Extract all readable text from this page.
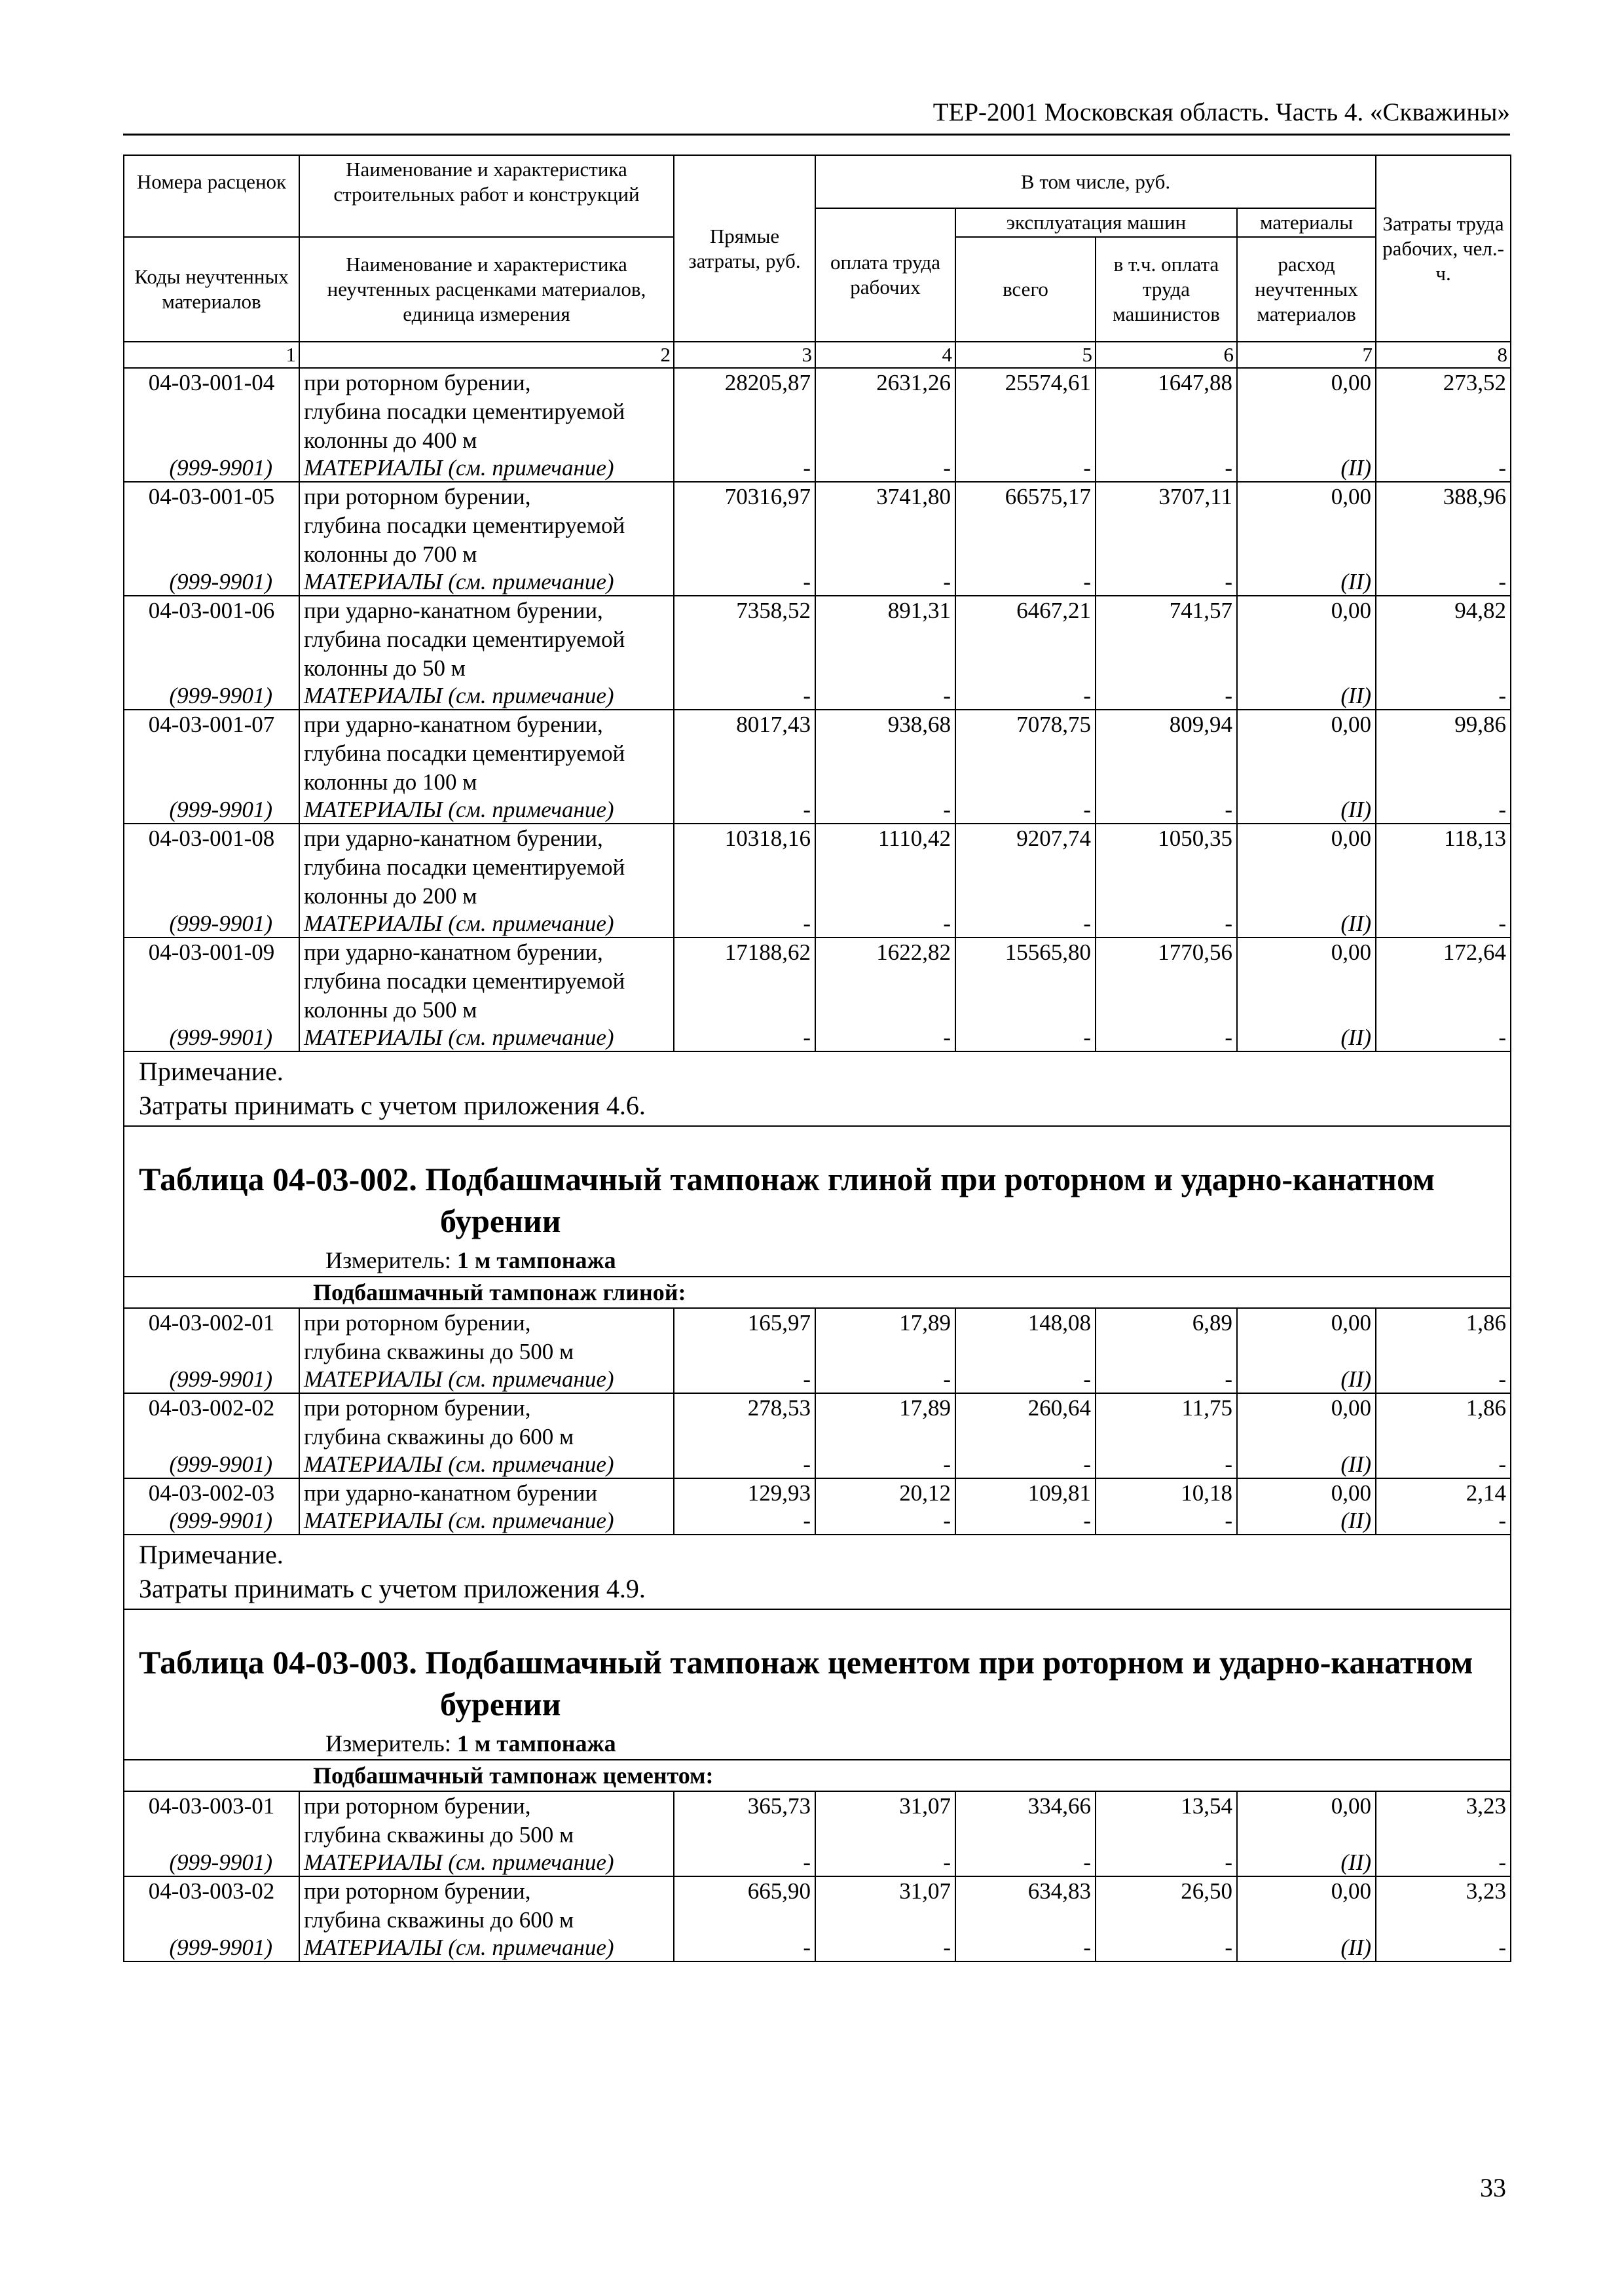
ТЕР-2001 Московская область. Часть 4. «Скважины»
Номера расценок	Наименование и характеристика строительных работ и конструкций	Прямые затраты, руб.	В том числе, руб.				Затраты труда рабочих, чел.-ч.
			оплата труда рабочих	эксплуатация машин		материалы	
Коды неучтенных материалов	Наименование и характеристика неучтенных расценками материалов, единица измерения			всего	в т.ч. оплата труда машинистов	расход неучтенных материалов	

1	2	3	4	5	6	7	8
04-03-001-04	при роторном бурении,	28205,87	2631,26	25574,61	1647,88	0,00	273,52
	глубина посадки цементируемой						
	колонны до 400 м						
(999-9901)	МАТЕРИАЛЫ (см. примечание)	-	-	-	-	(II)	-
04-03-001-05	при роторном бурении,	70316,97	3741,80	66575,17	3707,11	0,00	388,96
	глубина посадки цементируемой						
	колонны до 700 м						
(999-9901)	МАТЕРИАЛЫ (см. примечание)	-	-	-	-	(II)	-
04-03-001-06	при ударно-канатном бурении,	7358,52	891,31	6467,21	741,57	0,00	94,82
	глубина посадки цементируемой						
	колонны до 50 м						
(999-9901)	МАТЕРИАЛЫ (см. примечание)	-	-	-	-	(II)	-
04-03-001-07	при ударно-канатном бурении,	8017,43	938,68	7078,75	809,94	0,00	99,86
	глубина посадки цементируемой						
	колонны до 100 м						
(999-9901)	МАТЕРИАЛЫ (см. примечание)	-	-	-	-	(II)	-
04-03-001-08	при ударно-канатном бурении,	10318,16	1110,42	9207,74	1050,35	0,00	118,13
	глубина посадки цементируемой						
	колонны до 200 м						
(999-9901)	МАТЕРИАЛЫ (см. примечание)	-	-	-	-	(II)	-
04-03-001-09	при ударно-канатном бурении,	17188,62	1622,82	15565,80	1770,56	0,00	172,64
	глубина посадки цементируемой						
	колонны до 500 м						
(999-9901)	МАТЕРИАЛЫ (см. примечание)	-	-	-	-	(II)	-

Примечание.
Затраты принимать с учетом приложения 4.6.							

Таблица 04-03-002. Подбашмачный тампонаж глиной при роторном и ударно-канатном
бурении
Измеритель: 1 м тампонажа							

Подбашмачный тампонаж глиной:							
04-03-002-01	при роторном бурении,	165,97	17,89	148,08	6,89	0,00	1,86
	глубина скважины до 500 м						
(999-9901)	МАТЕРИАЛЫ (см. примечание)	-	-	-	-	(II)	-
04-03-002-02	при роторном бурении,	278,53	17,89	260,64	11,75	0,00	1,86
	глубина скважины до 600 м						
(999-9901)	МАТЕРИАЛЫ (см. примечание)	-	-	-	-	(II)	-
04-03-002-03	при ударно-канатном бурении	129,93	20,12	109,81	10,18	0,00	2,14
(999-9901)	МАТЕРИАЛЫ (см. примечание)	-	-	-	-	(II)	-

Примечание.
Затраты принимать с учетом приложения 4.9.							

Таблица 04-03-003. Подбашмачный тампонаж цементом при роторном и ударно-канатном
бурении
Измеритель: 1 м тампонажа							

Подбашмачный тампонаж цементом:							
04-03-003-01	при роторном бурении,	365,73	31,07	334,66	13,54	0,00	3,23
	глубина скважины до 500 м						
(999-9901)	МАТЕРИАЛЫ (см. примечание)	-	-	-	-	(II)	-
04-03-003-02	при роторном бурении,	665,90	31,07	634,83	26,50	0,00	3,23
	глубина скважины до 600 м						
(999-9901)	МАТЕРИАЛЫ (см. примечание)	-	-	-	-	(II)	-
33
